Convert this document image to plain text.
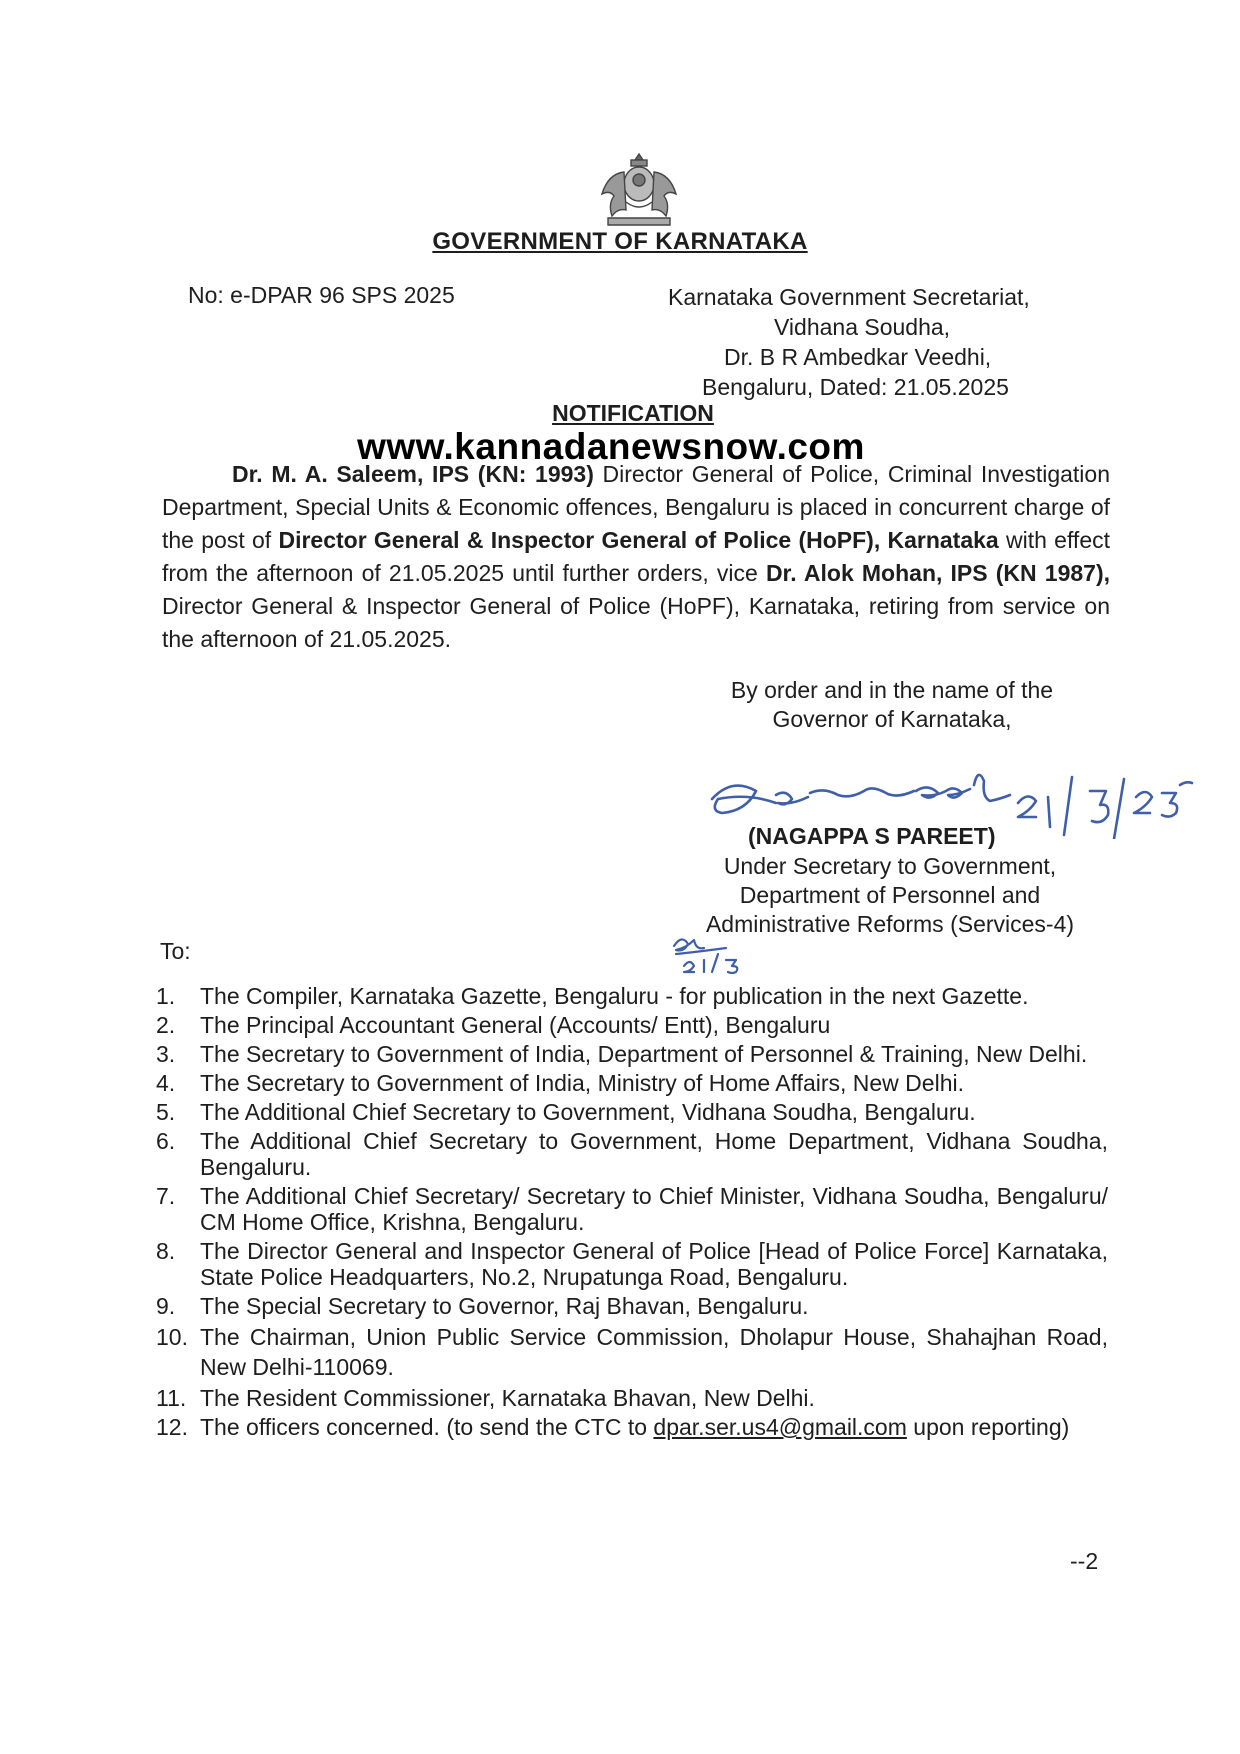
GOVERNMENT OF KARNATAKA
No: e-DPAR 96 SPS 2025	Karnataka Government Secretariat,
Vidhana Soudha,
Dr. B R Ambedkar Veedhi,
Bengaluru, Dated: 21.05.2025
NOTIFICATION
www.kannadanewsnow.com

Dr. M. A. Saleem, IPS (KN: 1993) Director General of Police, Criminal Investigation Department, Special Units & Economic offences, Bengaluru is placed in concurrent charge of the post of Director General & Inspector General of Police (HoPF), Karnataka with effect from the afternoon of 21.05.2025 until further orders, vice Dr. Alok Mohan, IPS (KN 1987), Director General & Inspector General of Police (HoPF), Karnataka, retiring from service on the afternoon of 21.05.2025.

By order and in the name of the
Governor of Karnataka,
(NAGAPPA S PAREET)
Under Secretary to Government,
Department of Personnel and
Administrative Reforms (Services-4)
To:
1. The Compiler, Karnataka Gazette, Bengaluru - for publication in the next Gazette.
2. The Principal Accountant General (Accounts/ Entt), Bengaluru
3. The Secretary to Government of India, Department of Personnel & Training, New Delhi.
4. The Secretary to Government of India, Ministry of Home Affairs, New Delhi.
5. The Additional Chief Secretary to Government, Vidhana Soudha, Bengaluru.
6. The Additional Chief Secretary to Government, Home Department, Vidhana Soudha, Bengaluru.
7. The Additional Chief Secretary/ Secretary to Chief Minister, Vidhana Soudha, Bengaluru/ CM Home Office, Krishna, Bengaluru.
8. The Director General and Inspector General of Police [Head of Police Force] Karnataka, State Police Headquarters, No.2, Nrupatunga Road, Bengaluru.
9. The Special Secretary to Governor, Raj Bhavan, Bengaluru.
10. The Chairman, Union Public Service Commission, Dholapur House, Shahajhan Road, New Delhi-110069.
11. The Resident Commissioner, Karnataka Bhavan, New Delhi.
12. The officers concerned. (to send the CTC to dpar.ser.us4@gmail.com upon reporting)
--2
